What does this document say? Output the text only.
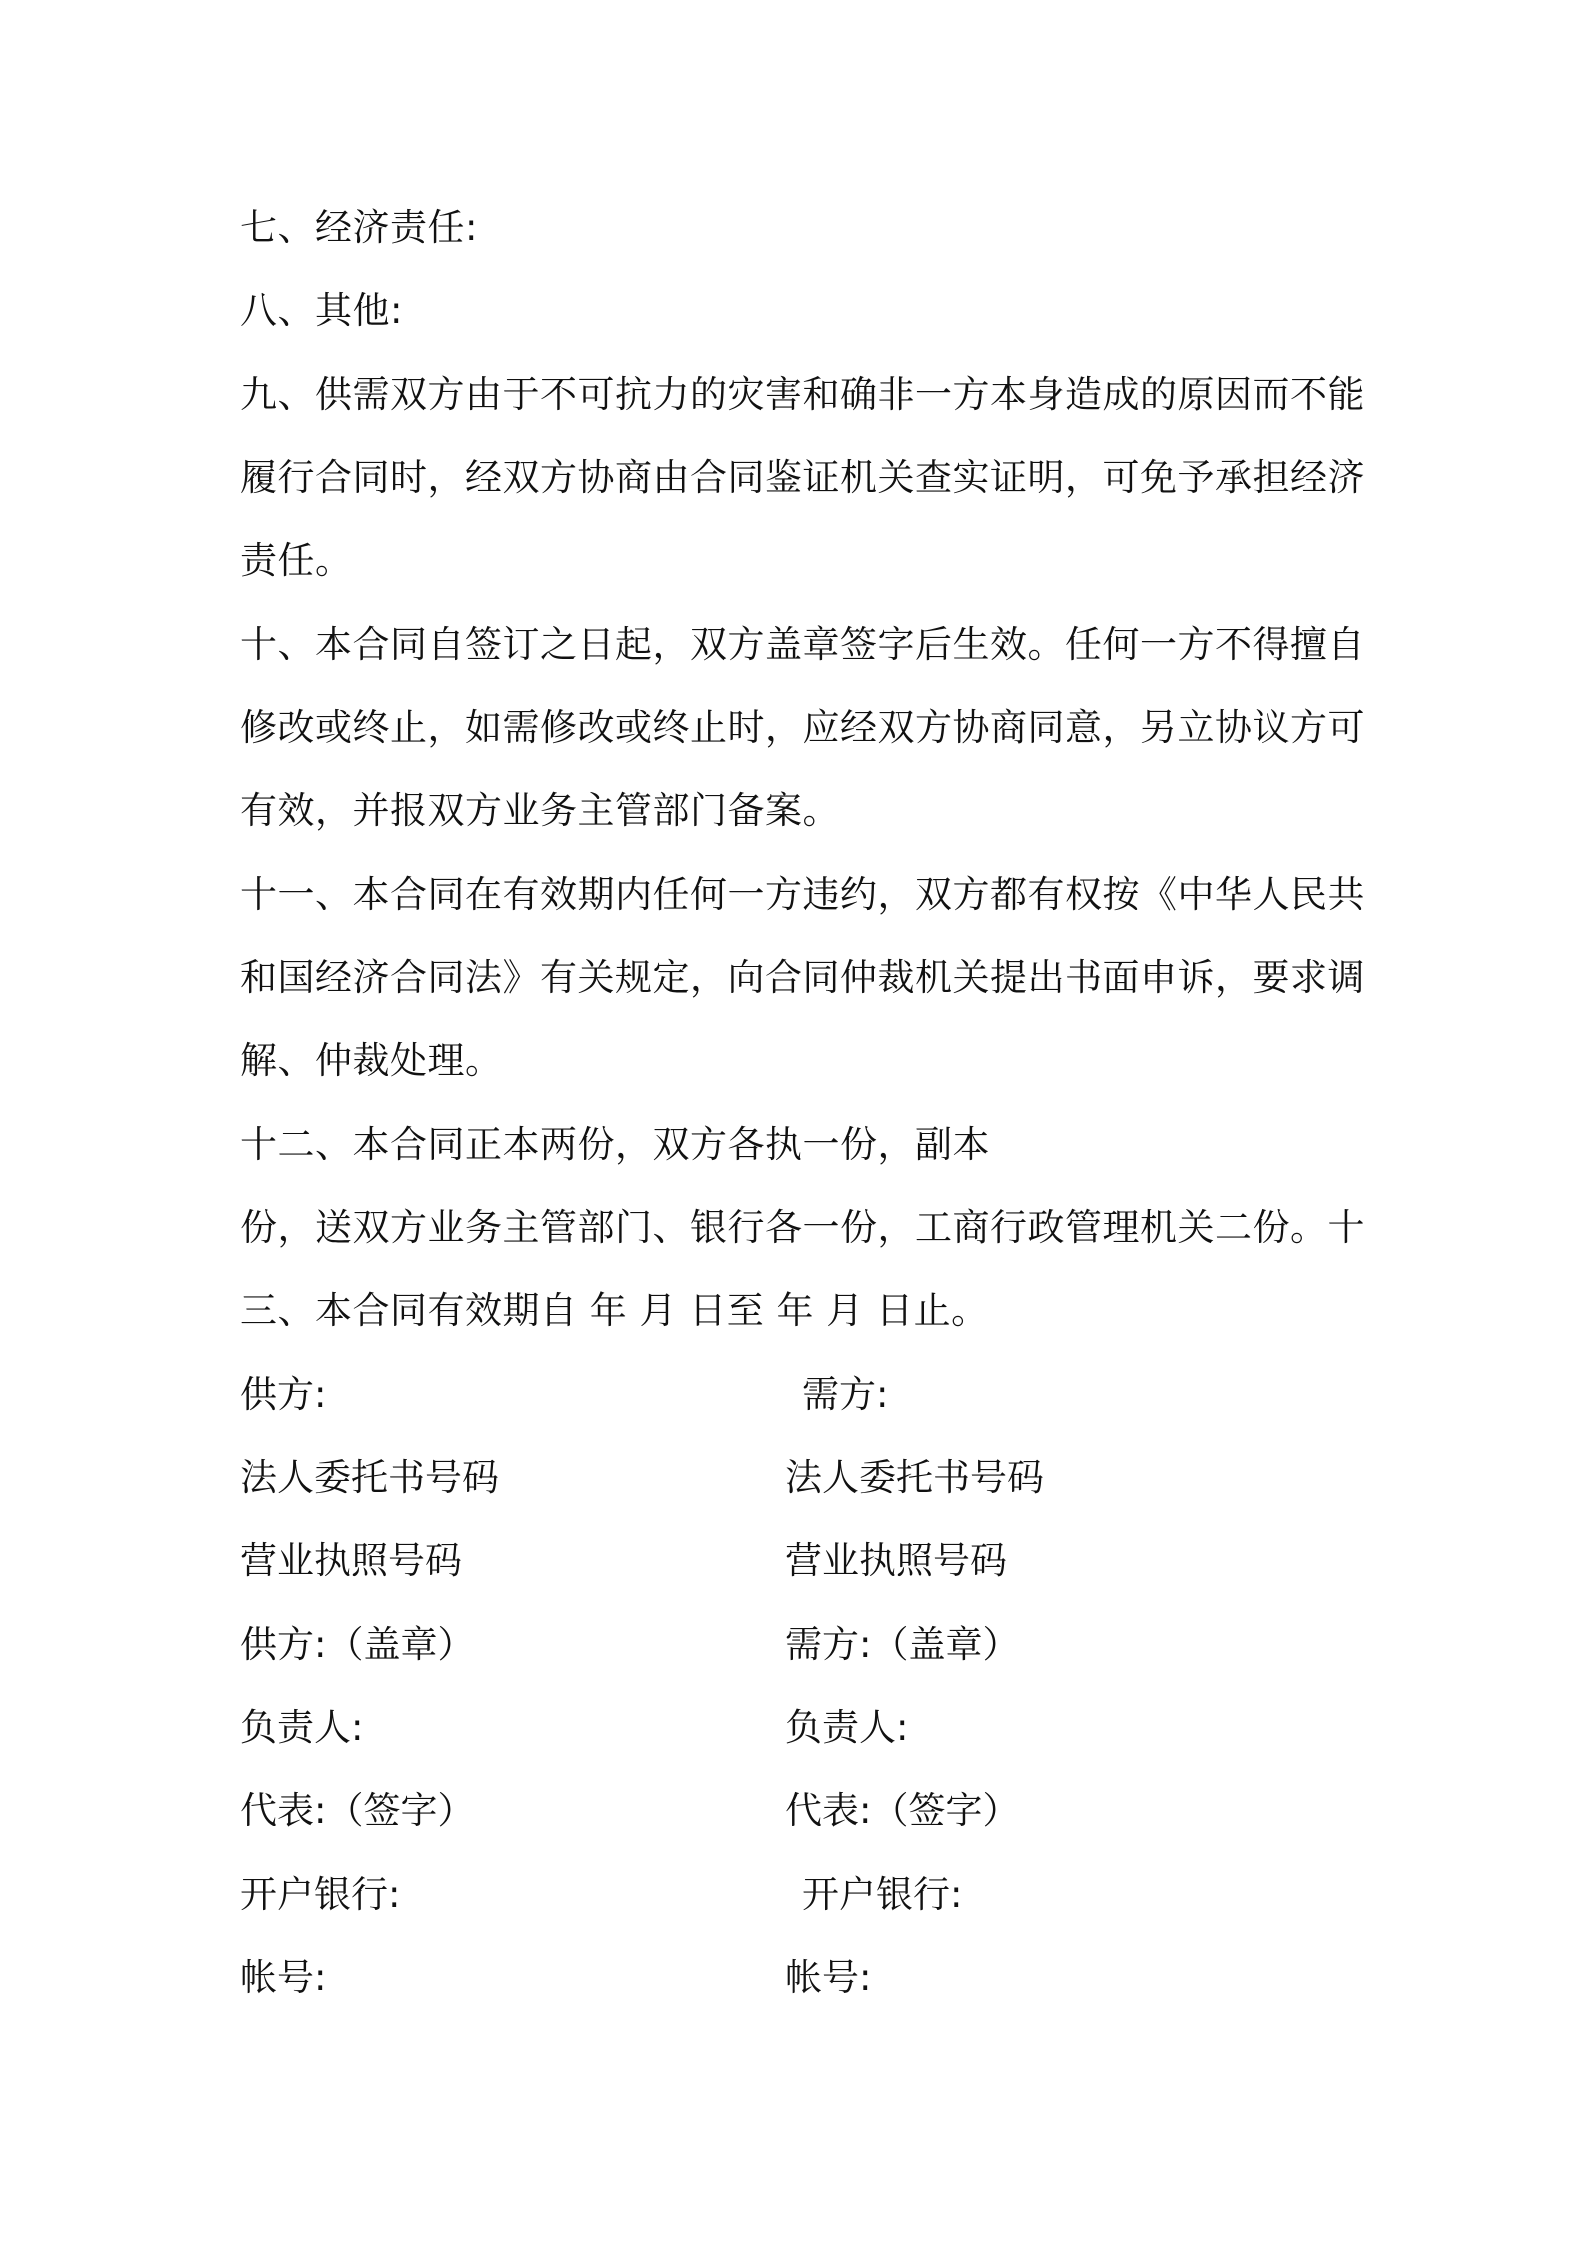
七、经济责任:
八、其他:
九、供需双方由于不可抗力的灾害和确非一方本身造成的原因而不能
履行合同时，经双方协商由合同鉴证机关查实证明，可免予承担经济
责任。
十、本合同自签订之日起，双方盖章签字后生效。任何一方不得擅自
修改或终止，如需修改或终止时，应经双方协商同意，另立协议方可
有效，并报双方业务主管部门备案。
十一、本合同在有效期内任何一方违约，双方都有权按《中华人民共
和国经济合同法》有关规定，向合同仲裁机关提出书面申诉，要求调
解、仲裁处理。
十二、本合同正本两份，双方各执一份，副本
份，送双方业务主管部门、银行各一份，工商行政管理机关二份。十
三、本合同有效期自 年 月 日至 年 月 日止。
供方:
法人委托书号码
营业执照号码
供方:（盖章）
负责人:
代表:（签字）
开户银行:
帐号:
需方:
法人委托书号码
营业执照号码
需方:（盖章）
负责人:
代表:（签字）
开户银行:
帐号:
